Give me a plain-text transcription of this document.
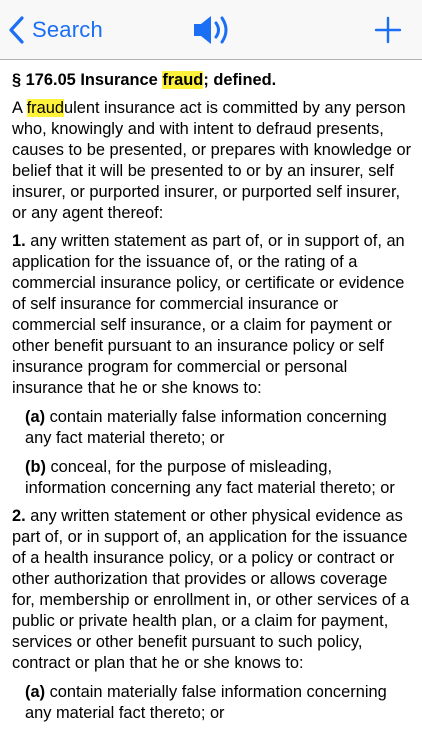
Search

§ 176.05 Insurance fraud; defined.

A fraudulent insurance act is committed by any person who, knowingly and with intent to defraud presents, causes to be presented, or prepares with knowledge or belief that it will be presented to or by an insurer, self insurer, or purported insurer, or purported self insurer, or any agent thereof:

1. any written statement as part of, or in support of, an application for the issuance of, or the rating of a commercial insurance policy, or certificate or evidence of self insurance for commercial insurance or commercial self insurance, or a claim for payment or other benefit pursuant to an insurance policy or self insurance program for commercial or personal insurance that he or she knows to:

(a) contain materially false information concerning any fact material thereto; or

(b) conceal, for the purpose of misleading, information concerning any fact material thereto; or

2. any written statement or other physical evidence as part of, or in support of, an application for the issuance of a health insurance policy, or a policy or contract or other authorization that provides or allows coverage for, membership or enrollment in, or other services of a public or private health plan, or a claim for payment, services or other benefit pursuant to such policy, contract or plan that he or she knows to:

(a) contain materially false information concerning any material fact thereto; or
